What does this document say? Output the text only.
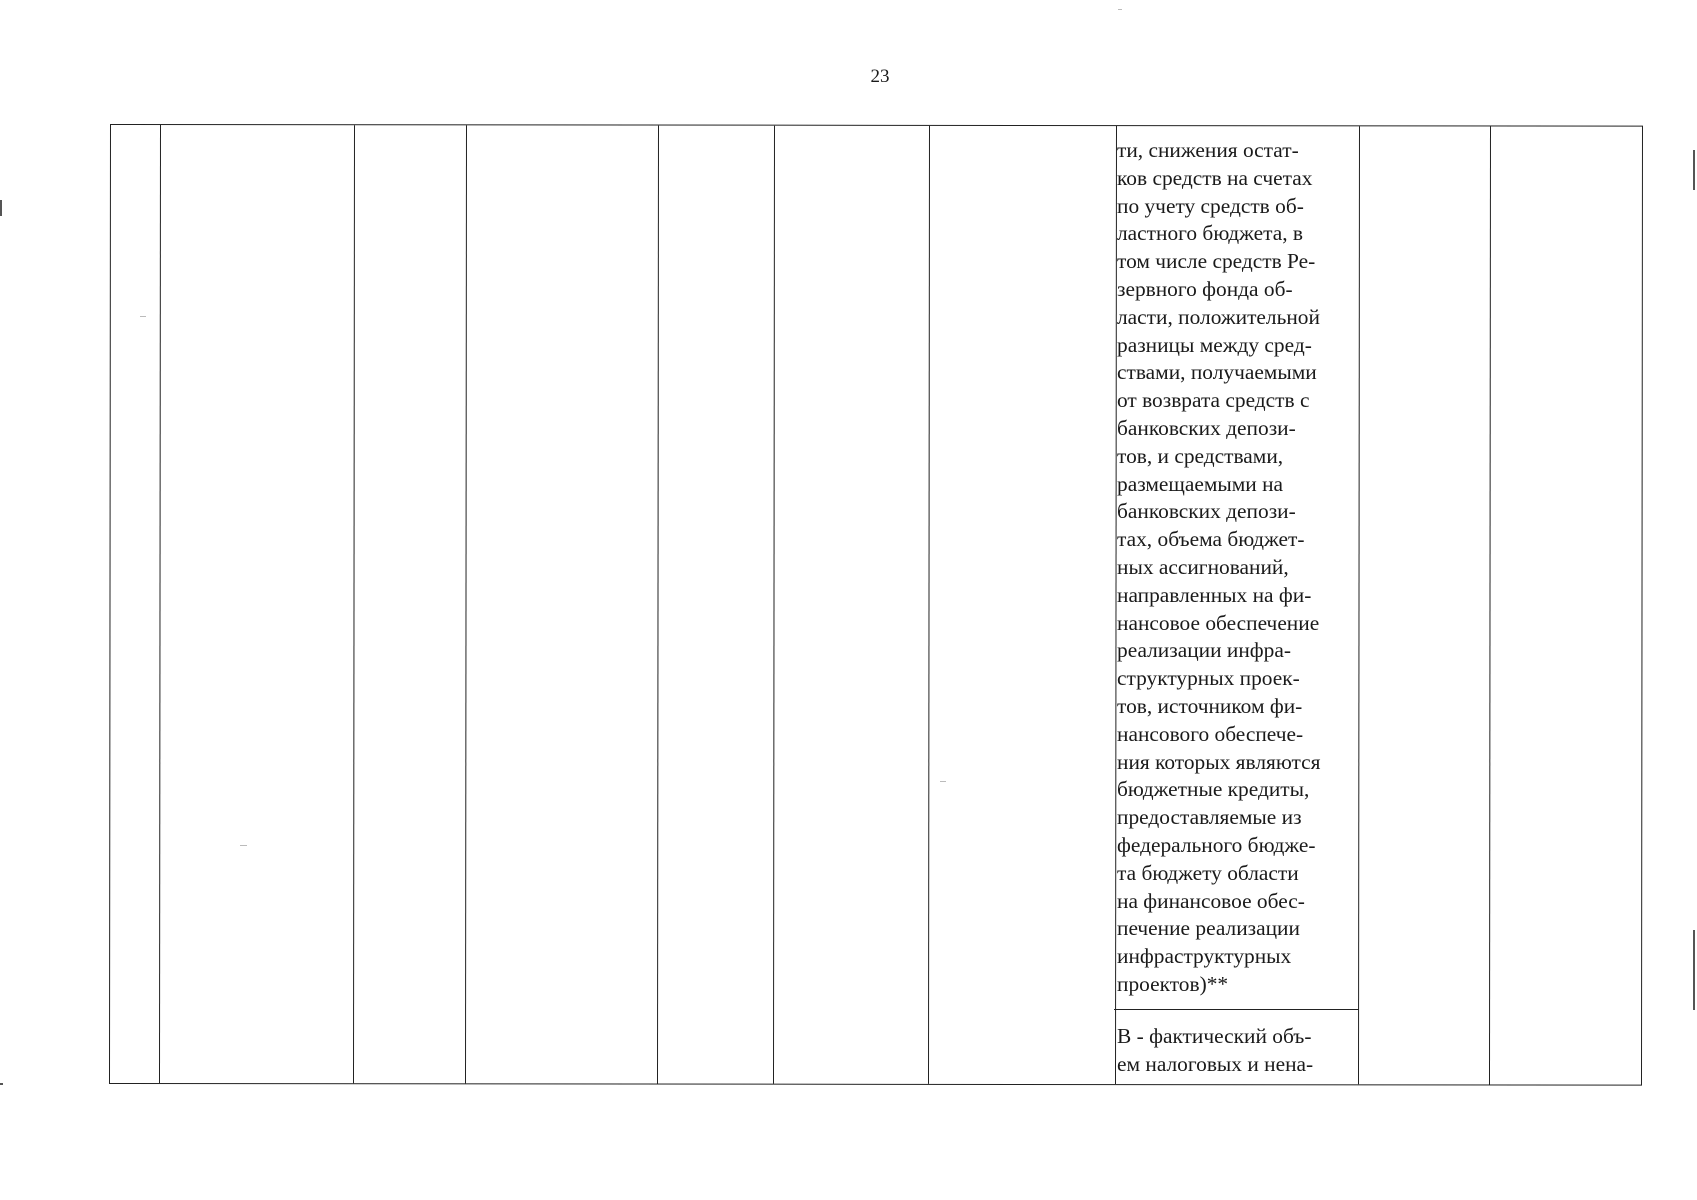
23
ти, снижения остат-
ков средств на счетах
по учету средств об-
ластного бюджета, в
том числе средств Ре-
зервного фонда об-
ласти, положительной
разницы между сред-
ствами, получаемыми
от возврата средств с
банковских депози-
тов, и средствами,
размещаемыми на
банковских депози-
тах, объема бюджет-
ных ассигнований,
направленных на фи-
нансовое обеспечение
реализации инфра-
структурных проек-
тов, источником фи-
нансового обеспече-
ния которых являются
бюджетные кредиты,
предоставляемые из
федерального бюдже-
та бюджету области
на финансовое обес-
печение реализации
инфраструктурных
проектов)**
В - фактический объ-
ем налоговых и нена-
